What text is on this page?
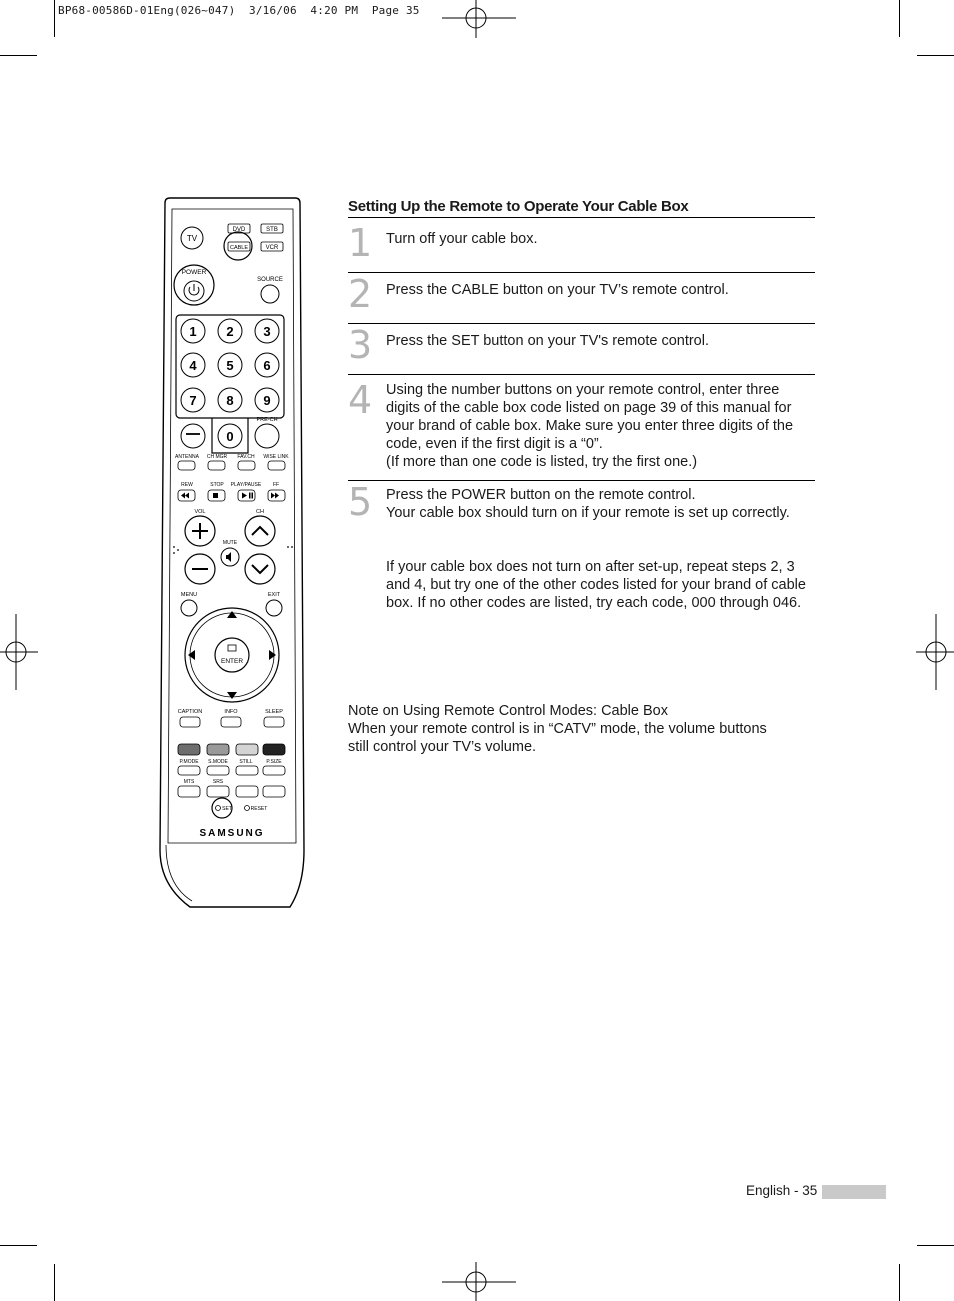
BP68-00586D-01Eng(026~047)  3/16/06  4:20 PM  Page 35
TV
DVD	STB
CABLE	VCR
POWER
SOURCE
1 2 3
4 5 6
7 8 9
0
PRE-CH
ANTENNA CH MGR FAV.CH WISE LINK
REW	STOP PLAY/PAUSE FF
VOL	CH
MUTE
MENU	EXIT
ENTER
CAPTION	INFO	SLEEP
P.MODE S.MODE STILL	P.SIZE
MTS	SRS
SET	RESET
SAMSUNG
Setting Up the Remote to Operate Your Cable Box
1 Turn off your cable box.
2 Press the CABLE button on your TV’s remote control.
3 Press the SET button on your TV's remote control.
4 Using the number buttons on your remote control, enter three
digits of the cable box code listed on page 39 of this manual for
your brand of cable box. Make sure you enter three digits of the
code, even if the first digit is a “0”.
(If more than one code is listed, try the first one.)
5 Press the POWER button on the remote control.
Your cable box should turn on if your remote is set up correctly.
If your cable box does not turn on after set-up, repeat steps 2, 3
and 4, but try one of the other codes listed for your brand of cable
box. If no other codes are listed, try each code, 000 through 046.
Note on Using Remote Control Modes: Cable Box
When your remote control is in “CATV” mode, the volume buttons
still control your TV’s volume.
English - 35
